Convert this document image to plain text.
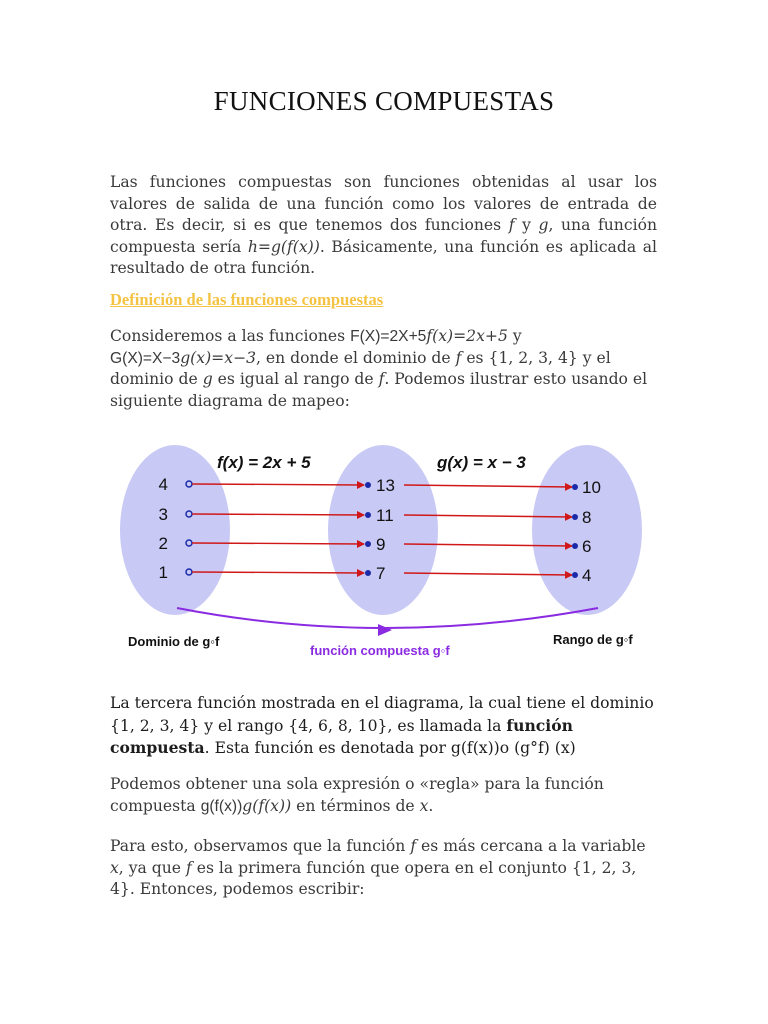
FUNCIONES COMPUESTAS

Las funciones compuestas son funciones obtenidas al usar los valores de salida de una función como los valores de entrada de otra. Es decir, si es que tenemos dos funciones f y g, una función compuesta sería h=g(f(x)). Básicamente, una función es aplicada al resultado de otra función.

Definición de las funciones compuestas

Consideremos a las funciones F(X)=2X+5f(x)=2x+5 y G(X)=X−3g(x)=x−3, en donde el dominio de f es {1, 2, 3, 4} y el dominio de g es igual al rango de f. Podemos ilustrar esto usando el siguiente diagrama de mapeo:

f(x) = 2x + 5	g(x) = x − 3
4	13	10
3	11	8
2	9	6
1	7	4
Dominio de g◦f	Rango de g◦f
función compuesta g◦f

La tercera función mostrada en el diagrama, la cual tiene el dominio {1, 2, 3, 4} y el rango {4, 6, 8, 10}, es llamada la función compuesta. Esta función es denotada por g(f(x))o (g°f) (x)

Podemos obtener una sola expresión o «regla» para la función compuesta g(f(x))g(f(x)) en términos de x.

Para esto, observamos que la función f es más cercana a la variable x, ya que f es la primera función que opera en el conjunto {1, 2, 3, 4}. Entonces, podemos escribir:
